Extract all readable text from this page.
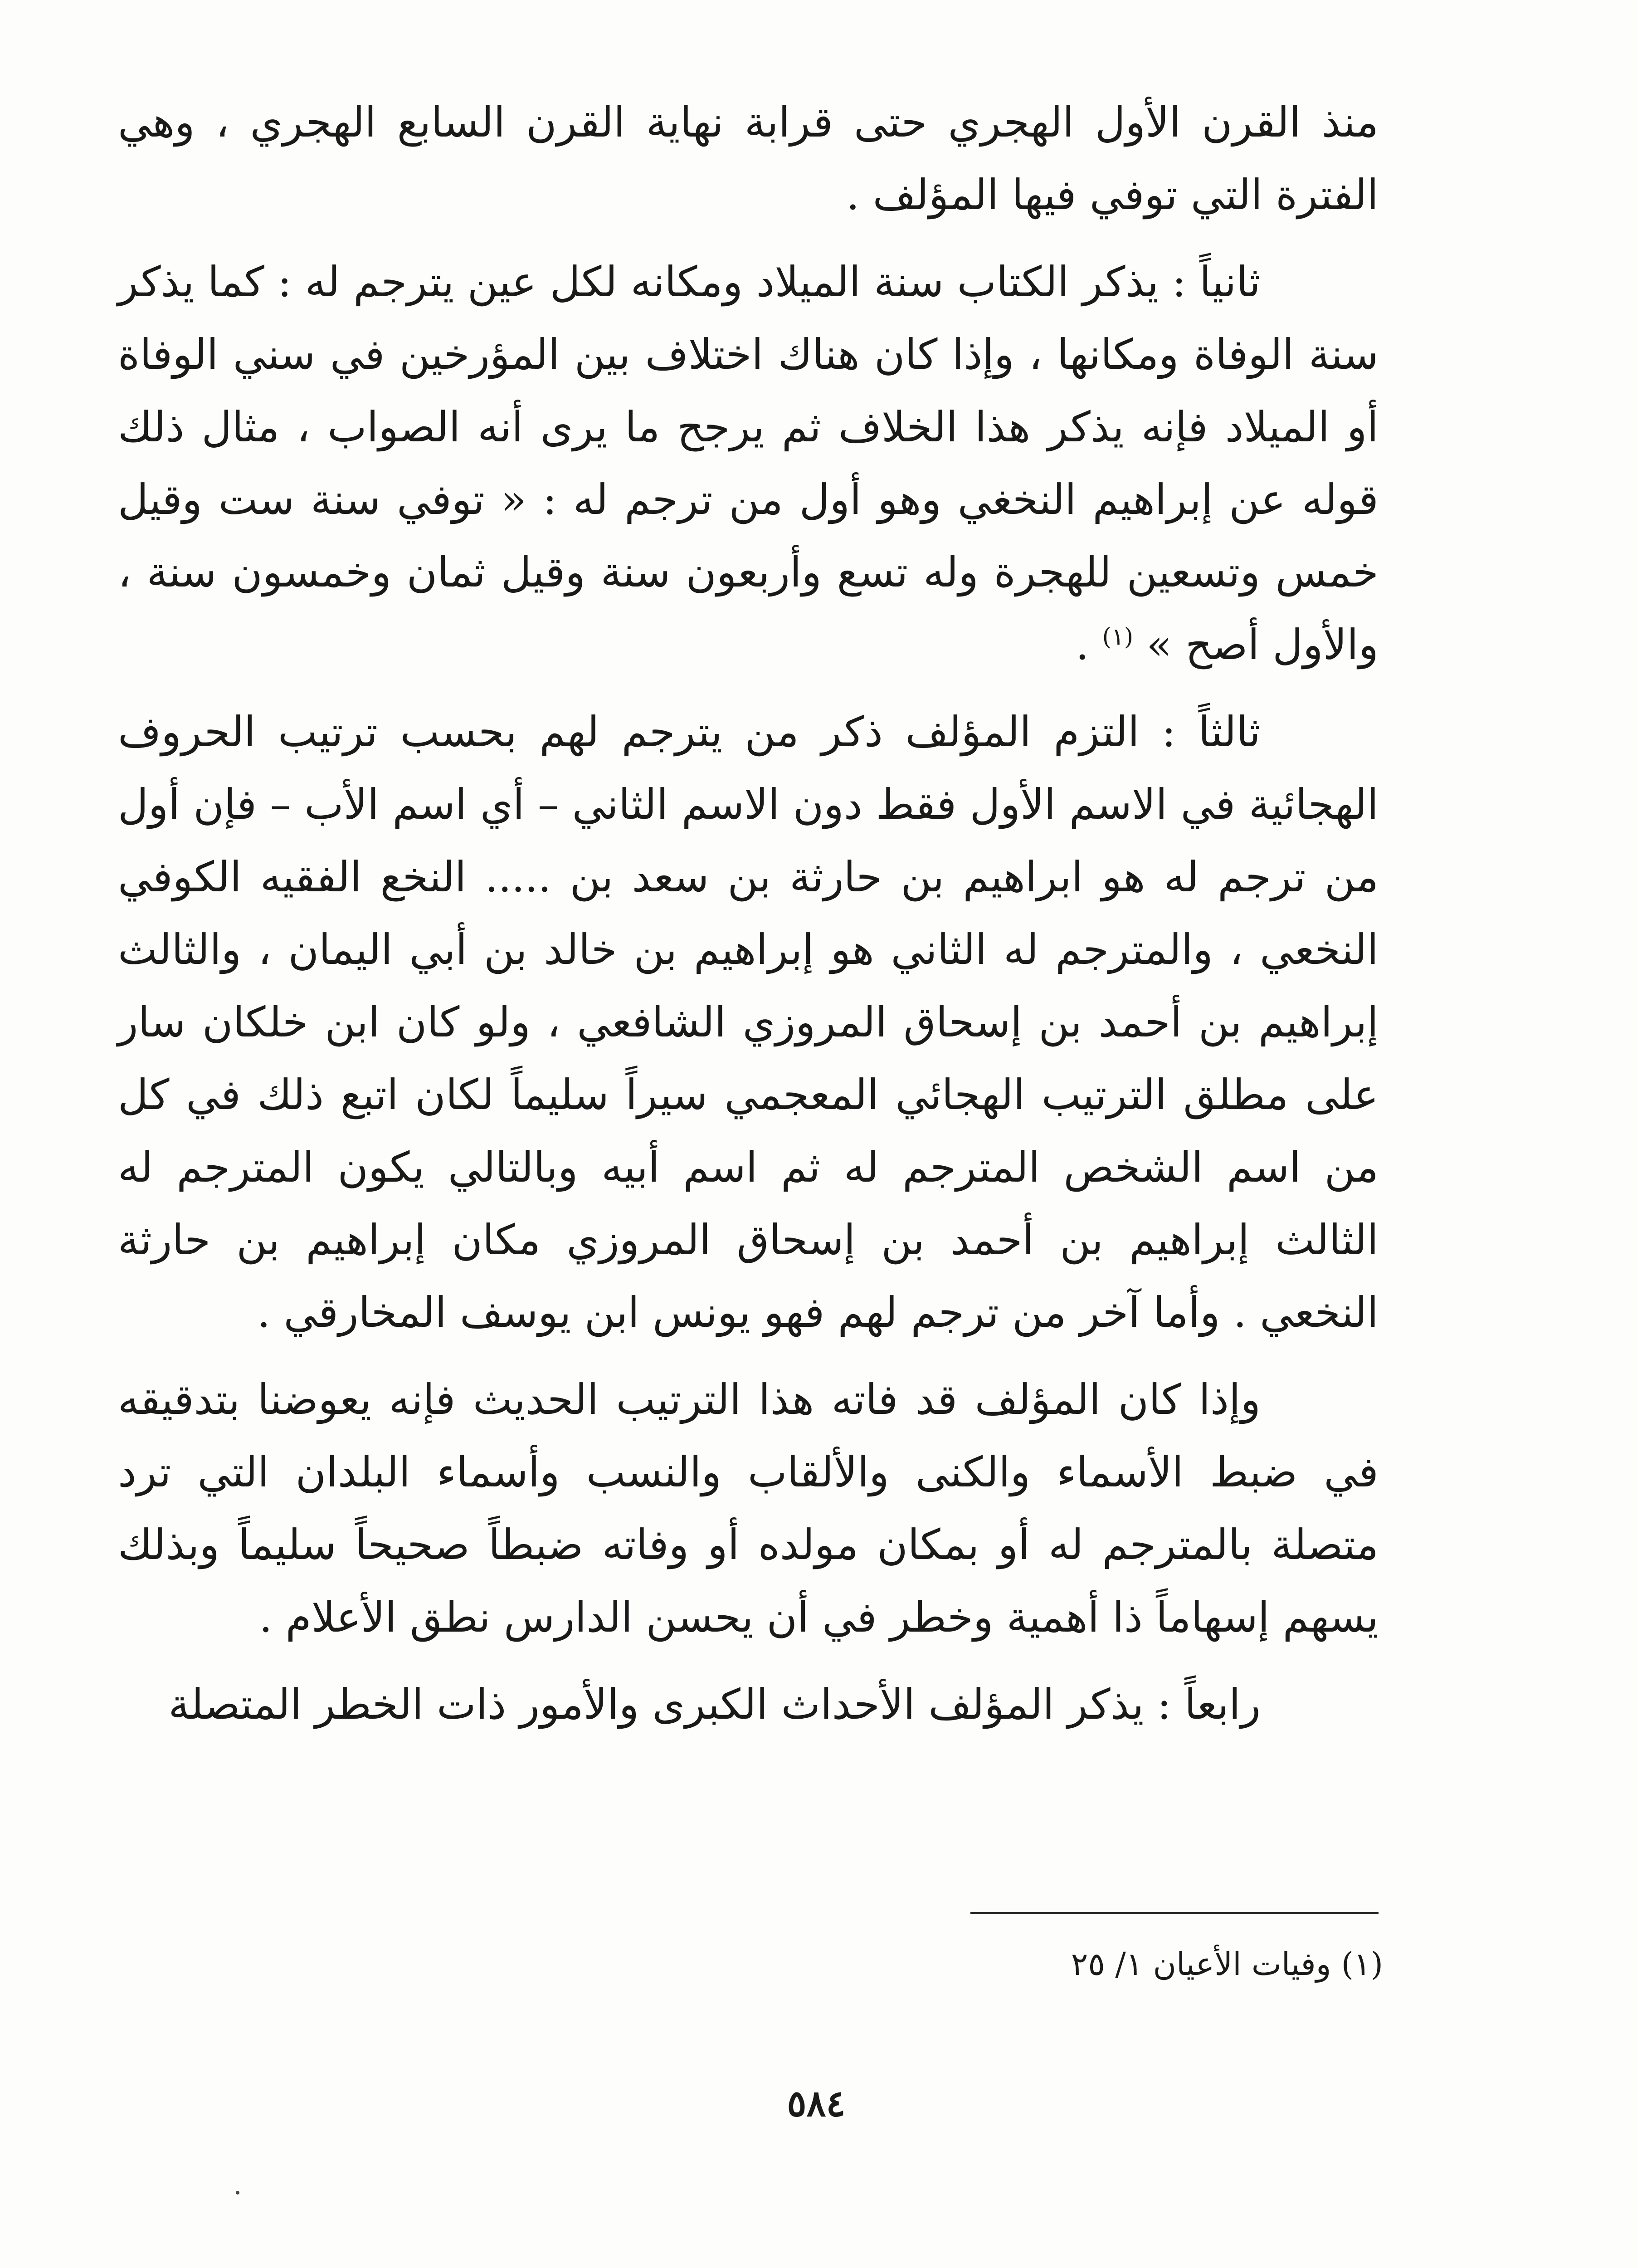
منذ القرن الأول الهجري حتى قرابة نهاية القرن السابع الهجري ، وهي الفترة التي توفي فيها المؤلف .

ثانياً : يذكر الكتاب سنة الميلاد ومكانه لكل عين يترجم له : كما يذكر سنة الوفاة ومكانها ، وإذا كان هناك اختلاف بين المؤرخين في سني الوفاة أو الميلاد فإنه يذكر هذا الخلاف ثم يرجح ما يرى أنه الصواب ، مثال ذلك قوله عن إبراهيم النخغي وهو أول من ترجم له : « توفي سنة ست وقيل خمس وتسعين للهجرة وله تسع وأربعون سنة وقيل ثمان وخمسون سنة ، والأول أصح » $^{(١)}$ .

ثالثاً : التزم المؤلف ذكر من يترجم لهم بحسب ترتيب الحروف الهجائية في الاسم الأول فقط دون الاسم الثاني – أي اسم الأب – فإن أول من ترجم له هو ابراهيم بن حارثة بن سعد بن ..... النخع الفقيه الكوفي النخعي ، والمترجم له الثاني هو إبراهيم بن خالد بن أبي اليمان ، والثالث إبراهيم بن أحمد بن إسحاق المروزي الشافعي ، ولو كان ابن خلكان سار على مطلق الترتيب الهجائي المعجمي سيراً سليماً لكان اتبع ذلك في كل من اسم الشخص المترجم له ثم اسم أبيه وبالتالي يكون المترجم له الثالث إبراهيم بن أحمد بن إسحاق المروزي مكان إبراهيم بن حارثة النخعي . وأما آخر من ترجم لهم فهو يونس ابن يوسف المخارقي .

وإذا كان المؤلف قد فاته هذا الترتيب الحديث فإنه يعوضنا بتدقيقه في ضبط الأسماء والكنى والألقاب والنسب وأسماء البلدان التي ترد متصلة بالمترجم له أو بمكان مولده أو وفاته ضبطاً صحيحاً سليماً وبذلك يسهم إسهاماً ذا أهمية وخطر في أن يحسن الدارس نطق الأعلام .

رابعاً : يذكر المؤلف الأحداث الكبرى والأمور ذات الخطر المتصلة

(١) وفيات الأعيان ١/ ٢٥
٥٨٤
